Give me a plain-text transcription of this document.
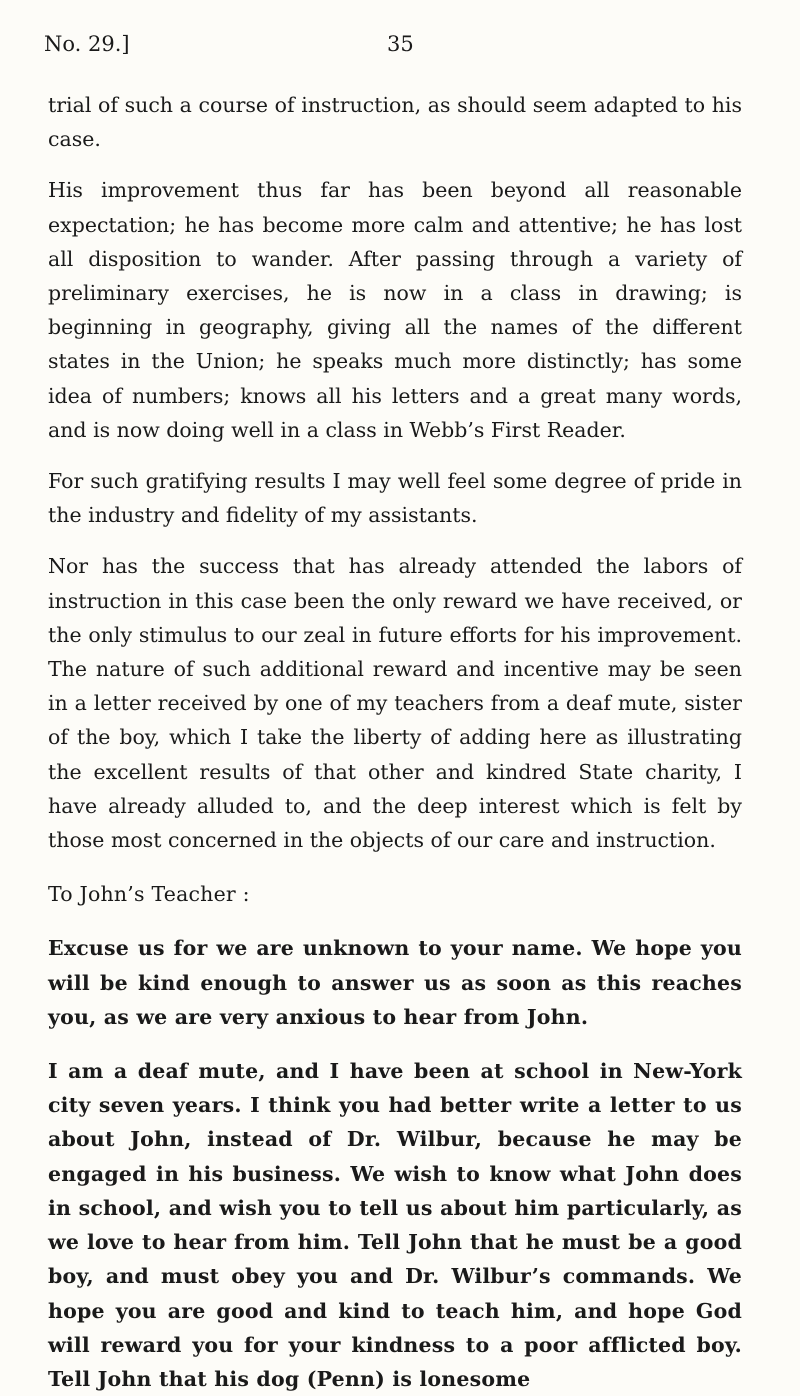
No. 29.]	35

trial of such a course of instruction, as should seem adapted to his case.

His improvement thus far has been beyond all reasonable expectation; he has become more calm and attentive; he has lost all disposition to wander. After passing through a variety of preliminary exercises, he is now in a class in drawing; is beginning in geography, giving all the names of the different states in the Union; he speaks much more distinctly; has some idea of numbers; knows all his letters and a great many words, and is now doing well in a class in Webb’s First Reader.

For such gratifying results I may well feel some degree of pride in the industry and fidelity of my assistants.

Nor has the success that has already attended the labors of instruction in this case been the only reward we have received, or the only stimulus to our zeal in future efforts for his improvement. The nature of such additional reward and incentive may be seen in a letter received by one of my teachers from a deaf mute, sister of the boy, which I take the liberty of adding here as illustrating the excellent results of that other and kindred State charity, I have already alluded to, and the deep interest which is felt by those most concerned in the objects of our care and instruction.

To John’s Teacher :

Excuse us for we are unknown to your name. We hope you will be kind enough to answer us as soon as this reaches you, as we are very anxious to hear from John.

I am a deaf mute, and I have been at school in New-York city seven years. I think you had better write a letter to us about John, instead of Dr. Wilbur, because he may be engaged in his business. We wish to know what John does in school, and wish you to tell us about him particularly, as we love to hear from him. Tell John that he must be a good boy, and must obey you and Dr. Wilbur’s commands. We hope you are good and kind to teach him, and hope God will reward you for your kindness to a poor afflicted boy. Tell John that his dog (Penn) is lonesome
